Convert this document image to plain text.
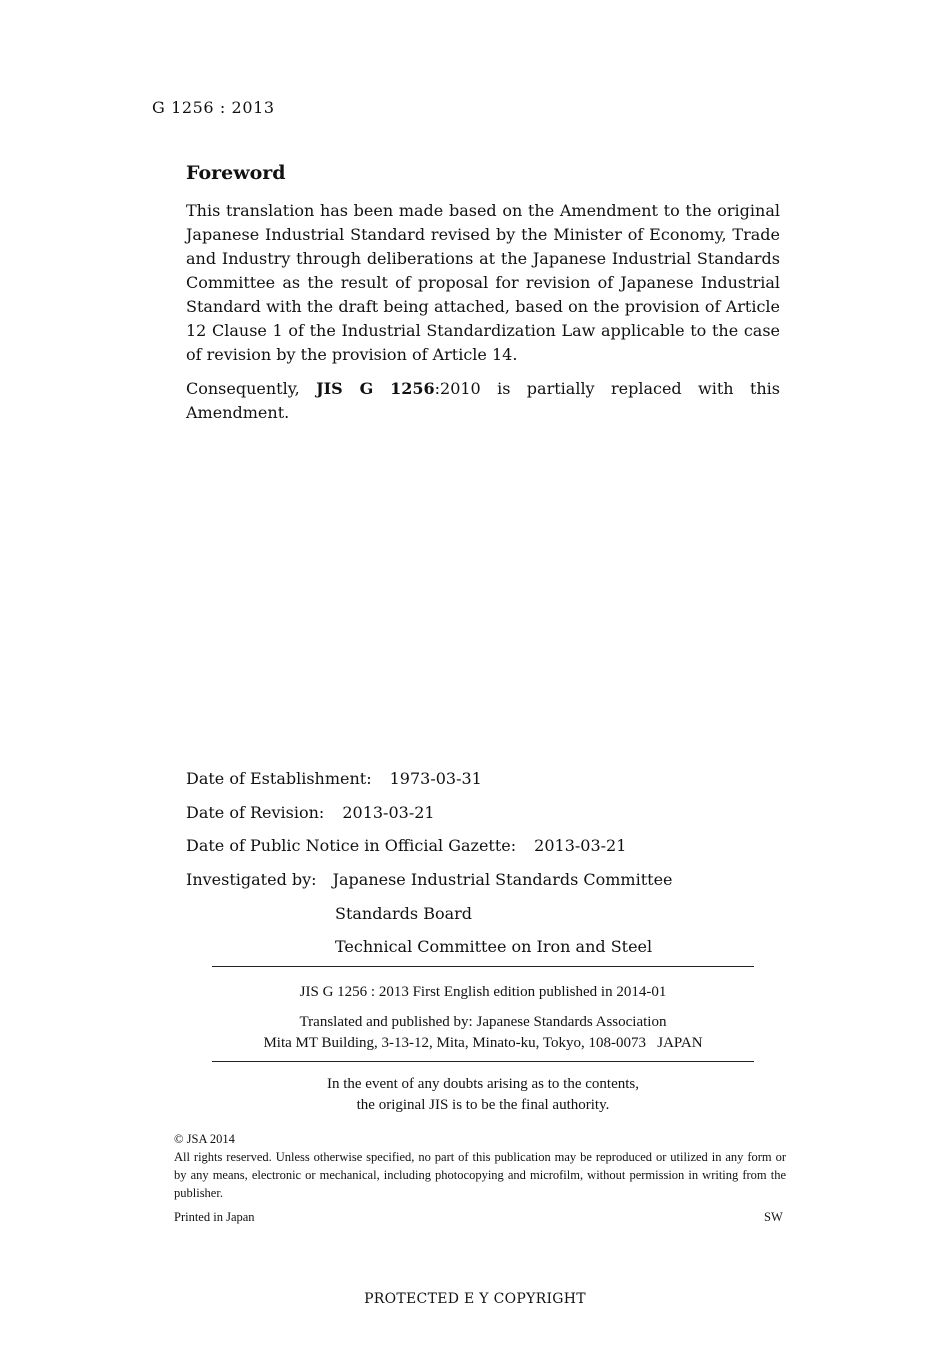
G 1256 : 2013
Foreword
This translation has been made based on the Amendment to the original Japanese Industrial Standard revised by the Minister of Economy, Trade and Industry through deliberations at the Japanese Industrial Standards Committee as the result of proposal for revision of Japanese Industrial Standard with the draft being attached, based on the provision of Article 12 Clause 1 of the Industrial Standardization Law applicable to the case of revision by the provision of Article 14.
Consequently, JIS G 1256:2010 is partially replaced with this Amendment.
Date of Establishment: 1973-03-31
Date of Revision: 2013-03-21
Date of Public Notice in Official Gazette: 2013-03-21
Investigated by: Japanese Industrial Standards Committee
Standards Board
Technical Committee on Iron and Steel
JIS G 1256 : 2013 First English edition published in 2014-01
Translated and published by: Japanese Standards Association
Mita MT Building, 3-13-12, Mita, Minato-ku, Tokyo, 108-0073   JAPAN
In the event of any doubts arising as to the contents,
the original JIS is to be the final authority.
© JSA 2014
All rights reserved. Unless otherwise specified, no part of this publication may be reproduced or utilized in any form or by any means, electronic or mechanical, including photocopying and microfilm, without permission in writing from the publisher.
Printed in Japan	SW
PROTECTED E Y COPYRIGHT
